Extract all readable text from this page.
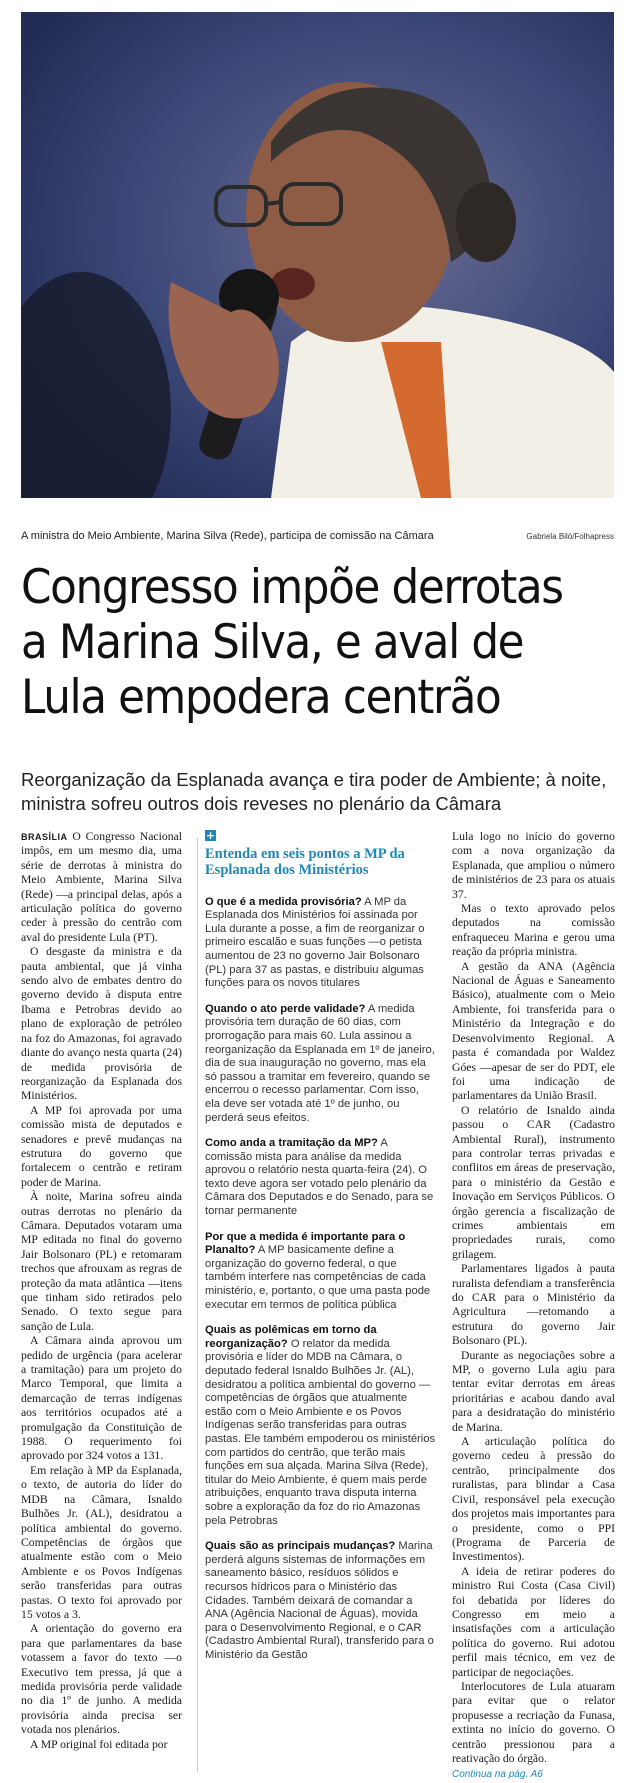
A ministra do Meio Ambiente, Marina Silva (Rede), participa de comissão na Câmara	Gabriela Biló/Folhapress
Congresso impõe derrotas a Marina Silva, e aval de Lula empodera centrão
Reorganização da Esplanada avança e tira poder de Ambiente; à noite, ministra sofreu outros dois reveses no plenário da Câmara

BRASÍLIA O Congresso Nacional impôs, em um mesmo dia, uma série de derrotas à ministra do Meio Ambiente, Marina Silva (Rede) —a principal delas, após a articulação política do governo ceder à pressão do centrão com aval do presidente Lula (PT).

O desgaste da ministra e da pauta ambiental, que já vinha sendo alvo de embates dentro do governo devido à disputa entre Ibama e Petrobras devido ao plano de exploração de petróleo na foz do Amazonas, foi agravado diante do avanço nesta quarta (24) de medida provisória de reorganização da Esplanada dos Ministérios.

A MP foi aprovada por uma comissão mista de deputados e senadores e prevê mudanças na estrutura do governo que fortalecem o centrão e retiram poder de Marina.

À noite, Marina sofreu ainda outras derrotas no plenário da Câmara. Deputados votaram uma MP editada no final do governo Jair Bolsonaro (PL) e retomaram trechos que afrouxam as regras de proteção da mata atlântica —itens que tinham sido retirados pelo Senado. O texto segue para sanção de Lula.

A Câmara ainda aprovou um pedido de urgência (para acelerar a tramitação) para um projeto do Marco Temporal, que limita a demarcação de terras indígenas aos territórios ocupados até a promulgação da Constituição de 1988. O requerimento foi aprovado por 324 votos a 131.

Em relação à MP da Esplanada, o texto, de autoria do líder do MDB na Câmara, Isnaldo Bulhões Jr. (AL), desidratou a política ambiental do governo. Competências de órgãos que atualmente estão com o Meio Ambiente e os Povos Indígenas serão transferidas para outras pastas. O texto foi aprovado por 15 votos a 3.

A orientação do governo era para que parlamentares da base votassem a favor do texto —o Executivo tem pressa, já que a medida provisória perde validade no dia 1º de junho. A medida provisória ainda precisa ser votada nos plenários.

A MP original foi editada por

+
Entenda em seis pontos a MP da Esplanada dos Ministérios
O que é a medida provisória? A MP da Esplanada dos Ministérios foi assinada por Lula durante a posse, a fim de reorganizar o primeiro escalão e suas funções —o petista aumentou de 23 no governo Jair Bolsonaro (PL) para 37 as pastas, e distribuiu algumas funções para os novos titulares
Quando o ato perde validade? A medida provisória tem duração de 60 dias, com prorrogação para mais 60. Lula assinou a reorganização da Esplanada em 1º de janeiro, dia de sua inauguração no governo, mas ela só passou a tramitar em fevereiro, quando se encerrou o recesso parlamentar. Com isso, ela deve ser votada até 1º de junho, ou perderá seus efeitos.
Como anda a tramitação da MP? A comissão mista para análise da medida aprovou o relatório nesta quarta-feira (24). O texto deve agora ser votado pelo plenário da Câmara dos Deputados e do Senado, para se tornar permanente
Por que a medida é importante para o Planalto? A MP basicamente define a organização do governo federal, o que também interfere nas competências de cada ministério, e, portanto, o que uma pasta pode executar em termos de política pública
Quais as polêmicas em torno da reorganização? O relator da medida provisória e líder do MDB na Câmara, o deputado federal Isnaldo Bulhões Jr. (AL), desidratou a política ambiental do governo —competências de órgãos que atualmente estão com o Meio Ambiente e os Povos Indígenas serão transferidas para outras pastas. Ele também empoderou os ministérios com partidos do centrão, que terão mais funções em sua alçada. Marina Silva (Rede), titular do Meio Ambiente, é quem mais perde atribuições, enquanto trava disputa interna sobre a exploração da foz do rio Amazonas pela Petrobras
Quais são as principais mudanças? Marina perderá alguns sistemas de informações em saneamento básico, resíduos sólidos e recursos hídricos para o Ministério das Cidades. Também deixará de comandar a ANA (Agência Nacional de Águas), movida para o Desenvolvimento Regional, e o CAR (Cadastro Ambiental Rural), transferido para o Ministério da Gestão

Lula logo no início do governo com a nova organização da Esplanada, que ampliou o número de ministérios de 23 para os atuais 37.

Mas o texto aprovado pelos deputados na comissão enfraqueceu Marina e gerou uma reação da própria ministra.

A gestão da ANA (Agência Nacional de Águas e Saneamento Básico), atualmente com o Meio Ambiente, foi transferida para o Ministério da Integração e do Desenvolvimento Regional. A pasta é comandada por Waldez Góes —apesar de ser do PDT, ele foi uma indicação de parlamentares da União Brasil.

O relatório de Isnaldo ainda passou o CAR (Cadastro Ambiental Rural), instrumento para controlar terras privadas e conflitos em áreas de preservação, para o ministério da Gestão e Inovação em Serviços Públicos. O órgão gerencia a fiscalização de crimes ambientais em propriedades rurais, como grilagem.

Parlamentares ligados à pauta ruralista defendiam a transferência do CAR para o Ministério da Agricultura —retomando a estrutura do governo Jair Bolsonaro (PL).

Durante as negociações sobre a MP, o governo Lula agiu para tentar evitar derrotas em áreas prioritárias e acabou dando aval para a desidratação do ministério de Marina.

A articulação política do governo cedeu à pressão do centrão, principalmente dos ruralistas, para blindar a Casa Civil, responsável pela execução dos projetos mais importantes para o presidente, como o PPI (Programa de Parceria de Investimentos).

A ideia de retirar poderes do ministro Rui Costa (Casa Civil) foi debatida por líderes do Congresso em meio a insatisfações com a articulação política do governo. Rui adotou perfil mais técnico, em vez de participar de negociações.

Interlocutores de Lula atuaram para evitar que o relator propusesse a recriação da Funasa, extinta no início do governo. O centrão pressionou para a reativação do órgão.

Continua na pág. A6
